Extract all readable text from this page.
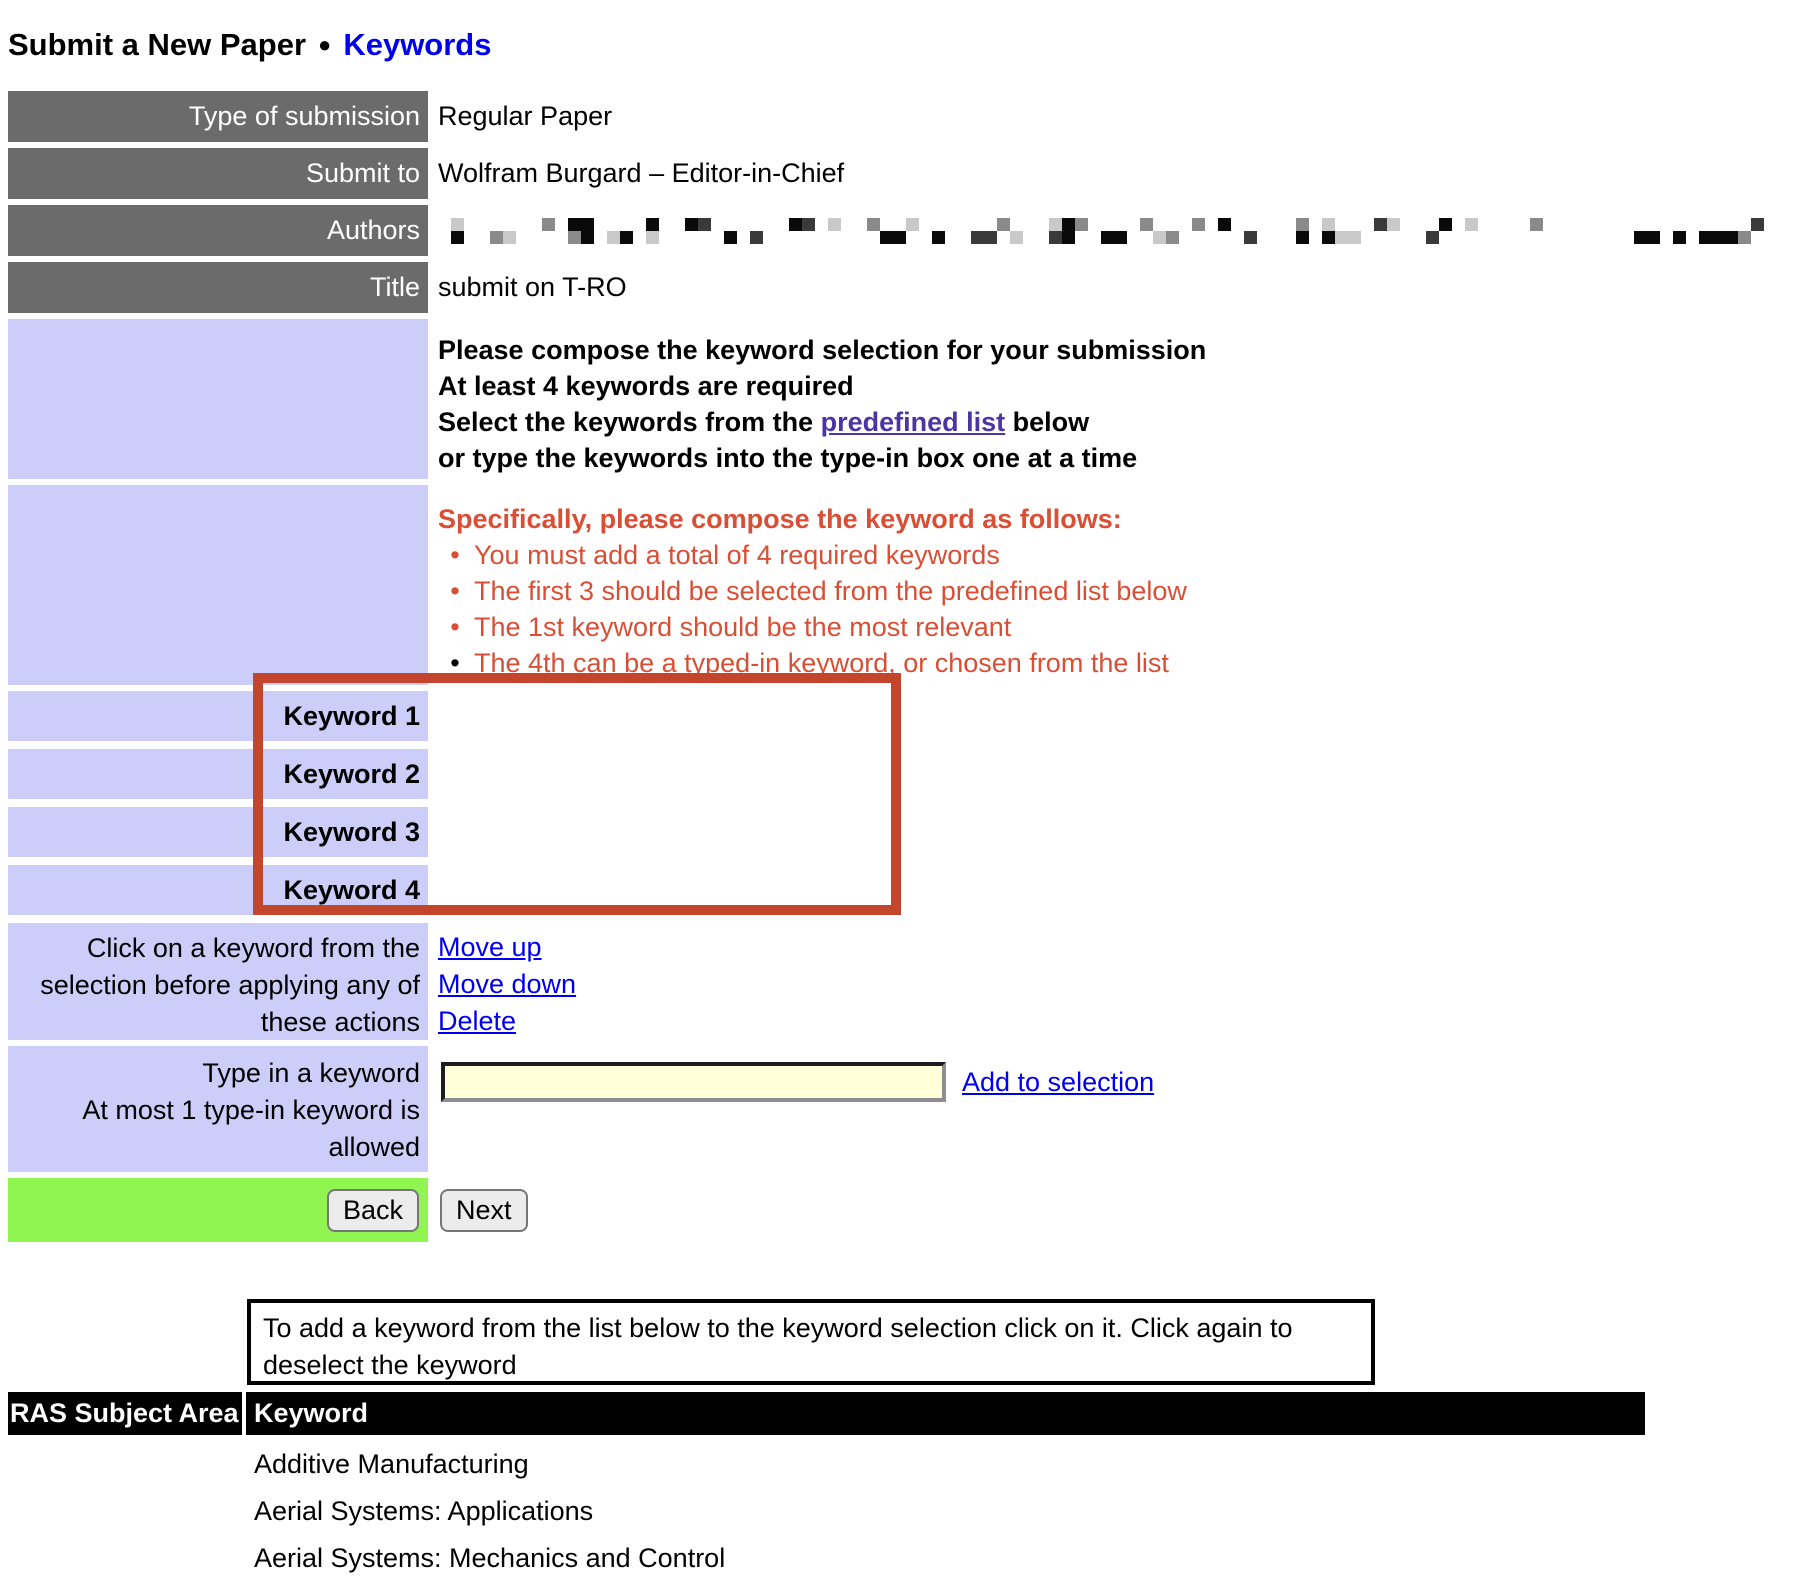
Submit a New Paper ● Keywords
Type of submission Regular Paper
Submit to Wolfram Burgard – Editor-in-Chief
Authors
Title submit on T-RO
Please compose the keyword selection for your submission
At least 4 keywords are required
Select the keywords from the predefined list below
or type the keywords into the type-in box one at a time
Specifically, please compose the keyword as follows:
• You must add a total of 4 required keywords
• The first 3 should be selected from the predefined list below
• The 1st keyword should be the most relevant
• The 4th can be a typed-in keyword, or chosen from the list
Keyword 1
Keyword 2
Keyword 3
Keyword 4
Click on a keyword from the
selection before applying any of
these actions
Move up
Move down
Delete
Type in a keyword
At most 1 type-in keyword is
allowed
Add to selection
Back	Next
To add a keyword from the list below to the keyword selection click on it. Click again to deselect the keyword
RAS Subject Area Keyword
Additive Manufacturing
Aerial Systems: Applications
Aerial Systems: Mechanics and Control
